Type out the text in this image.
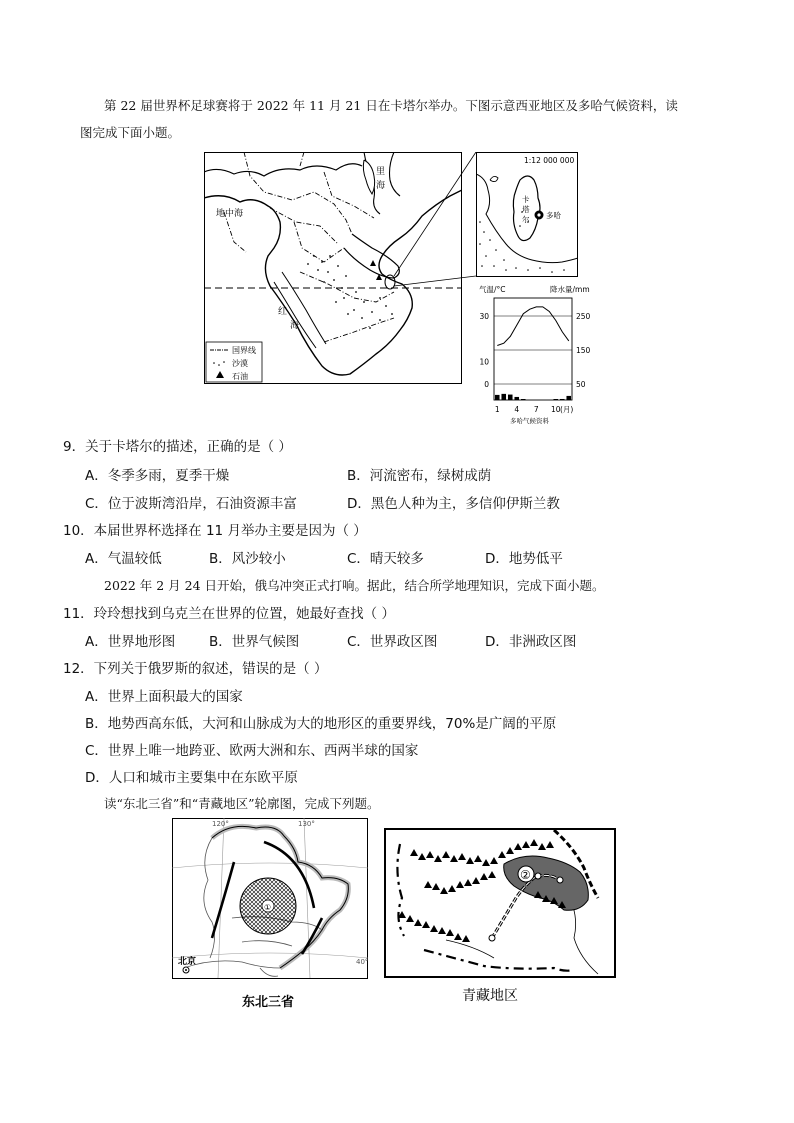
第 22 届世界杯足球赛将于 2022 年 11 月 21 日在卡塔尔举办。下图示意西亚地区及多哈气候资料，读
图完成下面小题。
地中海
里
海
红
海
国界线
沙漠
石油
1:12 000 000
卡
塔
尔 多哈
气温/°C	降水量/mm
30
10
0
250
150
50
1 4 7 10 (月)
多哈气候资料
9．关于卡塔尔的描述，正确的是（ ）
A．冬季多雨，夏季干燥	B．河流密布，绿树成荫
C．位于波斯湾沿岸，石油资源丰富	D．黑色人种为主，多信仰伊斯兰教
10．本届世界杯选择在 11 月举办主要是因为（ ）
A．气温较低	B．风沙较小	C．晴天较多	D．地势低平
2022 年 2 月 24 日开始，俄乌冲突正式打响。据此，结合所学地理知识，完成下面小题。
11．玲玲想找到乌克兰在世界的位置，她最好查找（ ）
A．世界地形图	B．世界气候图	C．世界政区图	D．非洲政区图
12．下列关于俄罗斯的叙述，错误的是（ ）
A．世界上面积最大的国家
B．地势西高东低，大河和山脉成为大的地形区的重要界线，70%是广阔的平原
C．世界上唯一地跨亚、欧两大洲和东、西两半球的国家
D．人口和城市主要集中在东欧平原
读“东北三省”和“青藏地区”轮廓图，完成下列题。
120°	130°
40°
①
北京
东北三省
②
青藏地区
